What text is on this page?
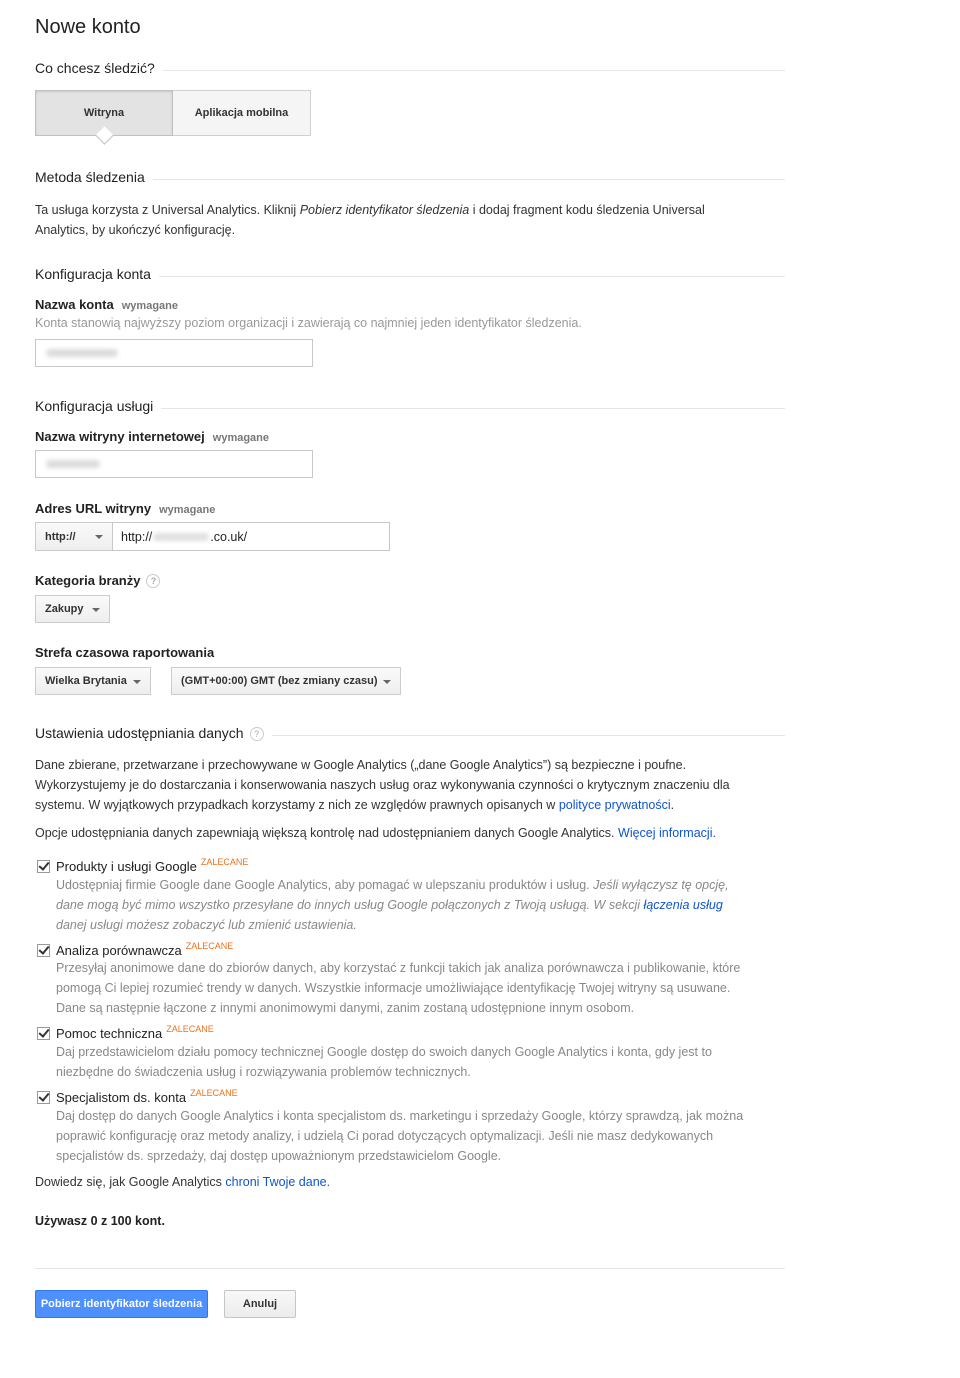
Nowe konto
Co chcesz śledzić?
Witryna	Aplikacja mobilna
Metoda śledzenia
Ta usługa korzysta z Universal Analytics. Kliknij Pobierz identyfikator śledzenia i dodaj fragment kodu śledzenia Universal Analytics, by ukończyć konfigurację.
Konfiguracja konta
Nazwa konta wymagane
Konta stanowią najwyższy poziom organizacji i zawierają co najmniej jeden identyfikator śledzenia.
Konfiguracja usługi
Nazwa witryny internetowej wymagane
Adres URL witryny wymagane
http://	http://	.co.uk/
Kategoria branży ?
Zakupy
Strefa czasowa raportowania
Wielka Brytania	(GMT+00:00) GMT (bez zmiany czasu)
Ustawienia udostępniania danych ?
Dane zbierane, przetwarzane i przechowywane w Google Analytics („dane Google Analytics”) są bezpieczne i poufne.
Wykorzystujemy je do dostarczania i konserwowania naszych usług oraz wykonywania czynności o krytycznym znaczeniu dla
systemu. W wyjątkowych przypadkach korzystamy z nich ze względów prawnych opisanych w polityce prywatności.
Opcje udostępniania danych zapewniają większą kontrolę nad udostępnianiem danych Google Analytics. Więcej informacji.
Produkty i usługi Google $^{ZALECANE}$
Udostępniaj firmie Google dane Google Analytics, aby pomagać w ulepszaniu produktów i usług. Jeśli wyłączysz tę opcję,
dane mogą być mimo wszystko przesyłane do innych usług Google połączonych z Twoją usługą. W sekcji łączenia usług
danej usługi możesz zobaczyć lub zmienić ustawienia.
Analiza porównawcza $^{ZALECANE}$
Przesyłaj anonimowe dane do zbiorów danych, aby korzystać z funkcji takich jak analiza porównawcza i publikowanie, które
pomogą Ci lepiej rozumieć trendy w danych. Wszystkie informacje umożliwiające identyfikację Twojej witryny są usuwane.
Dane są następnie łączone z innymi anonimowymi danymi, zanim zostaną udostępnione innym osobom.
Pomoc techniczna $^{ZALECANE}$
Daj przedstawicielom działu pomocy technicznej Google dostęp do swoich danych Google Analytics i konta, gdy jest to
niezbędne do świadczenia usług i rozwiązywania problemów technicznych.
Specjalistom ds. konta $^{ZALECANE}$
Daj dostęp do danych Google Analytics i konta specjalistom ds. marketingu i sprzedaży Google, którzy sprawdzą, jak można
poprawić konfigurację oraz metody analizy, i udzielą Ci porad dotyczących optymalizacji. Jeśli nie masz dedykowanych
specjalistów ds. sprzedaży, daj dostęp upoważnionym przedstawicielom Google.
Dowiedz się, jak Google Analytics chroni Twoje dane.
Używasz 0 z 100 kont.
Pobierz identyfikator śledzenia	Anuluj
